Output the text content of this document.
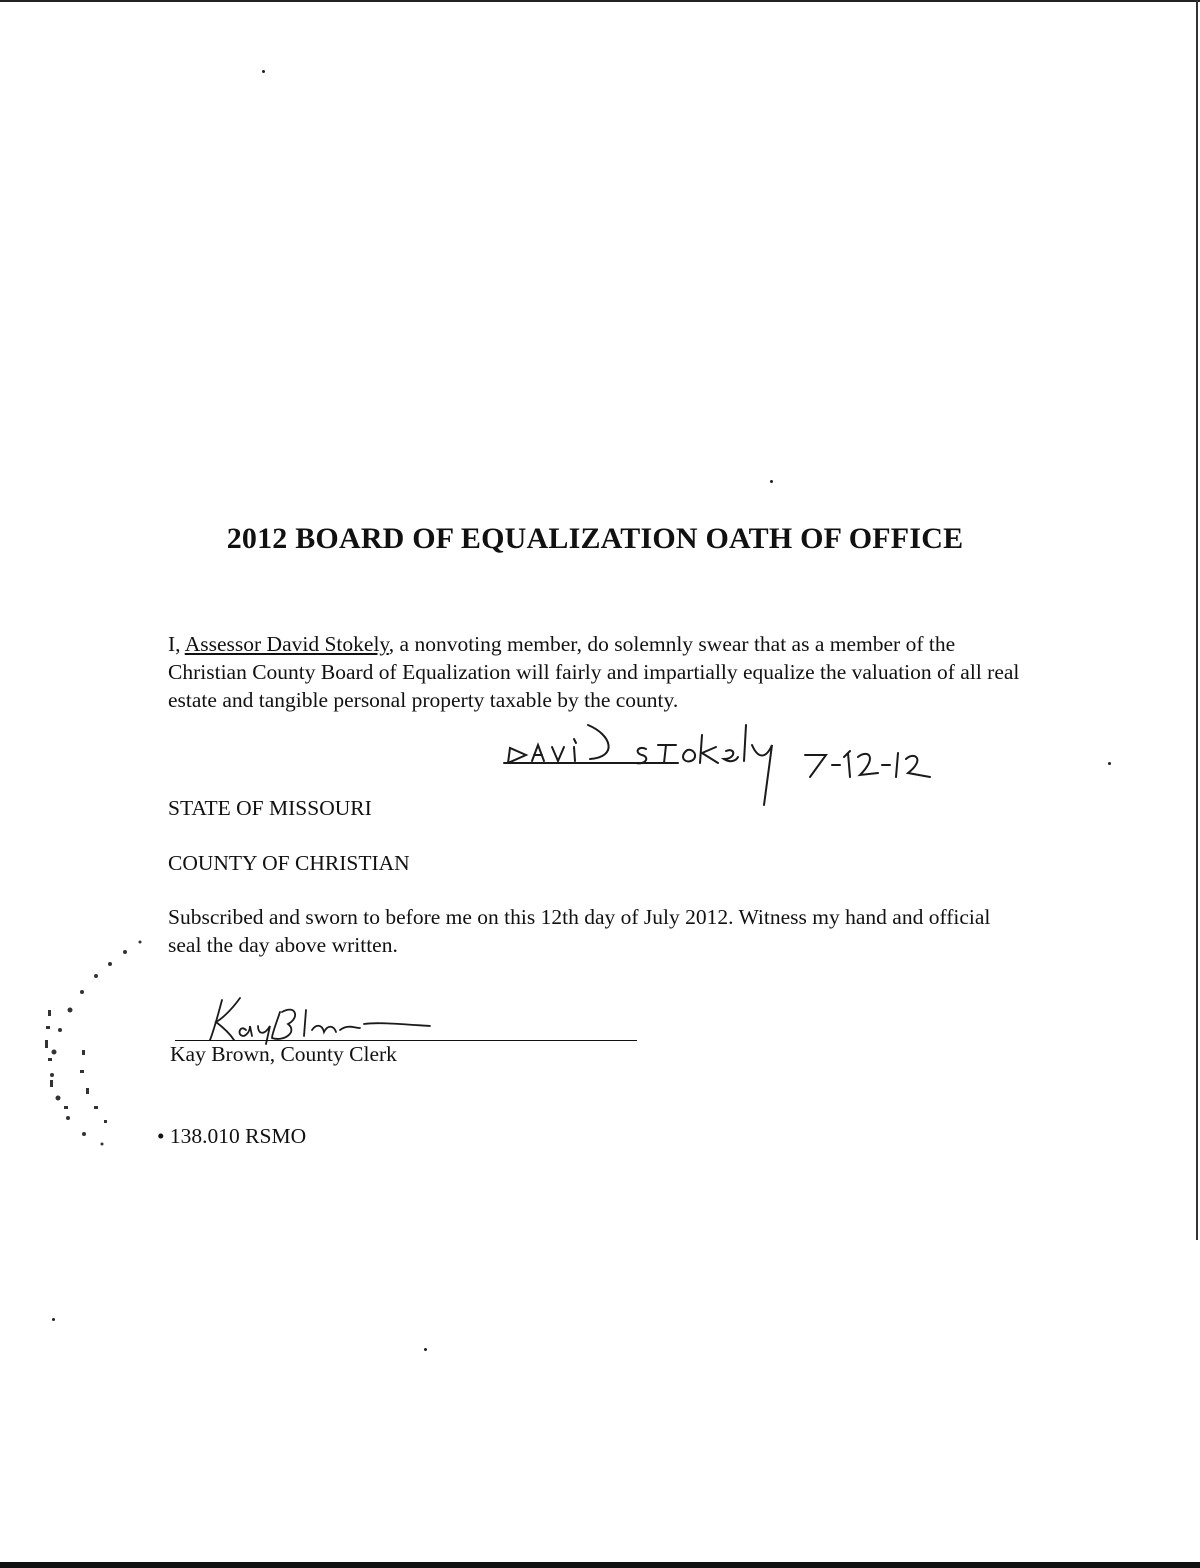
2012 BOARD OF EQUALIZATION OATH OF OFFICE
I, Assessor David Stokely, a nonvoting member, do solemnly swear that as a member of the Christian County Board of Equalization will fairly and impartially equalize the valuation of all real estate and tangible personal property taxable by the county.
STATE OF MISSOURI
COUNTY OF CHRISTIAN
Subscribed and sworn to before me on this 12th day of July 2012. Witness my hand and official seal the day above written.
Kay Brown, County Clerk
• 138.010 RSMO
